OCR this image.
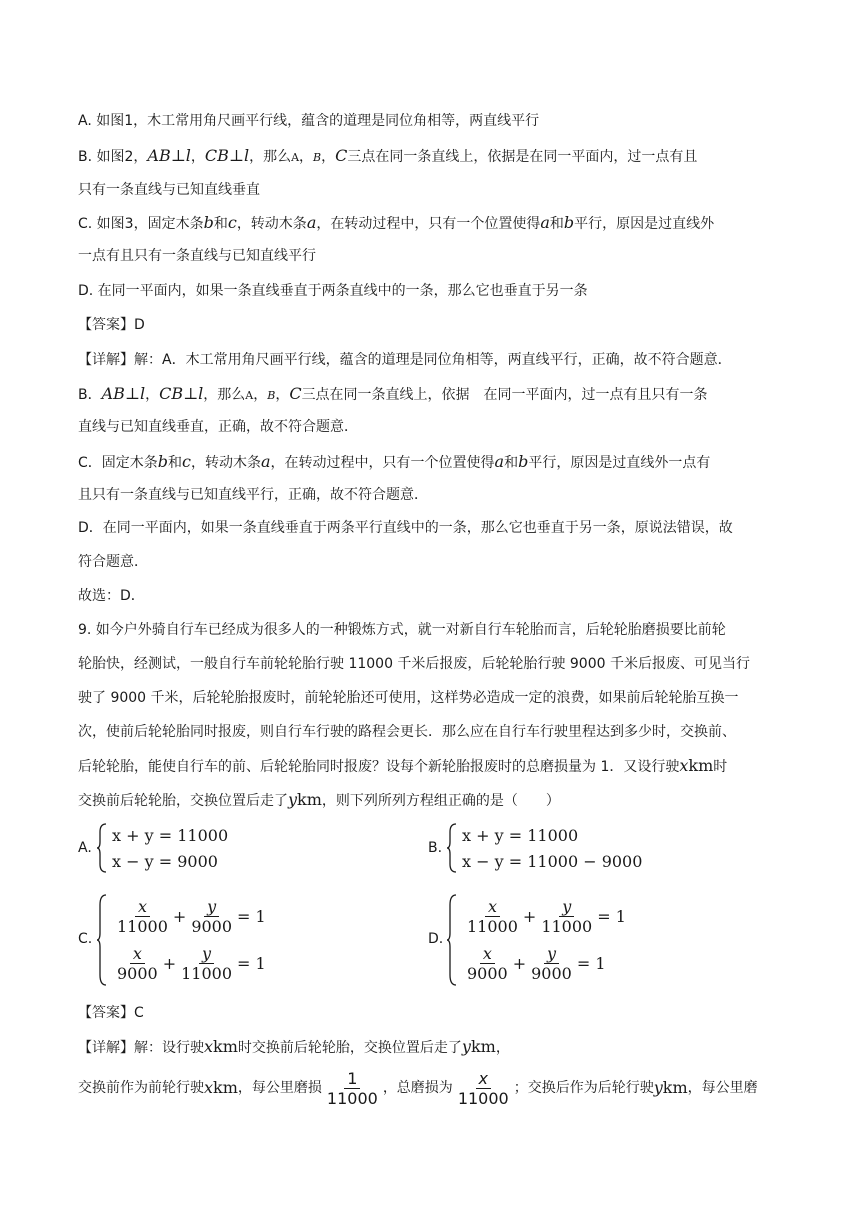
A. 如图1，木工常用角尺画平行线，蕴含的道理是同位角相等，两直线平行
B. 如图2，AB⊥l，CB⊥l，那么A，B，C三点在同一条直线上，依据是在同一平面内，过一点有且
只有一条直线与已知直线垂直
C. 如图3，固定木条b和c，转动木条a，在转动过程中，只有一个位置使得a和b平行，原因是过直线外
一点有且只有一条直线与已知直线平行
D. 在同一平面内，如果一条直线垂直于两条直线中的一条，那么它也垂直于另一条
【答案】D
【详解】解：A．木工常用角尺画平行线，蕴含的道理是同位角相等，两直线平行，正确，故不符合题意．
B．AB⊥l，CB⊥l，那么A，B，C三点在同一条直线上，依据　在同一平面内，过一点有且只有一条
直线与已知直线垂直，正确，故不符合题意．
C．固定木条b和c，转动木条a，在转动过程中，只有一个位置使得a和b平行，原因是过直线外一点有
且只有一条直线与已知直线平行，正确，故不符合题意．
D．在同一平面内，如果一条直线垂直于两条平行直线中的一条，那么它也垂直于另一条，原说法错误，故
符合题意．
故选：D．
9. 如今户外骑自行车已经成为很多人的一种锻炼方式，就一对新自行车轮胎而言，后轮轮胎磨损要比前轮
轮胎快，经测试，一般自行车前轮轮胎行驶 11000 千米后报废，后轮轮胎行驶 9000 千米后报废、可见当行
驶了 9000 千米，后轮轮胎报废时，前轮轮胎还可使用，这样势必造成一定的浪费，如果前后轮轮胎互换一
次，使前后轮轮胎同时报废，则自行车行驶的路程会更长．那么应在自行车行驶里程达到多少时，交换前、
后轮轮胎，能使自行车的前、后轮轮胎同时报废？设每个新轮胎报废时的总磨损量为 1．又设行驶xkm时
交换前后轮轮胎，交换位置后走了ykm，则下列所列方程组正确的是（　　）
A.
x + y = 11000
x − y = 9000
B.
x + y = 11000
x − y = 11000 − 9000
C.
$\frac{x}{11000} + \frac{y}{9000} = 1$
$\frac{x}{9000} + \frac{y}{11000} = 1$
D.
$\frac{x}{11000} + \frac{y}{11000} = 1$
$\frac{x}{9000} + \frac{y}{9000} = 1$
【答案】C
【详解】解：设行驶xkm时交换前后轮轮胎，交换位置后走了ykm，
交换前作为前轮行驶 x km ，每公里磨损 $\frac{1}{11000}$ ，总磨损为 $\frac{x}{11000}$ ；交换后作为后轮行驶 y km ，每公里磨
